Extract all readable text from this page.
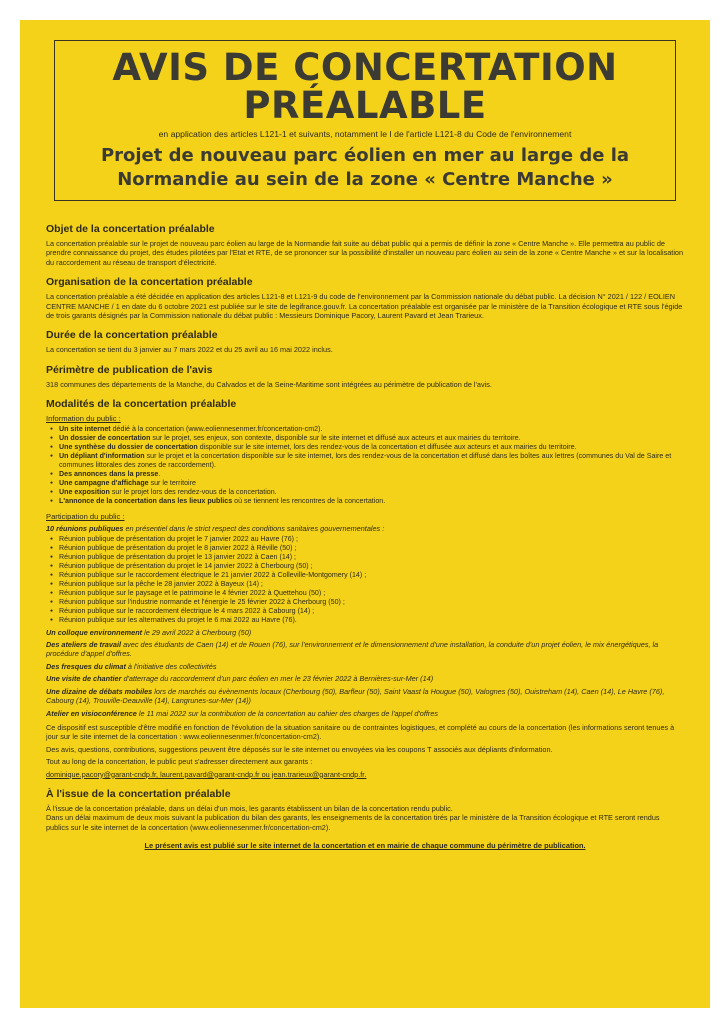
AVIS DE CONCERTATION
PRÉALABLE
en application des articles L121-1 et suivants, notamment le I de l'article L121-8 du Code de l'environnement
Projet de nouveau parc éolien en mer au large de la
Normandie au sein de la zone « Centre Manche »
Objet de la concertation préalable

La concertation préalable sur le projet de nouveau parc éolien au large de la Normandie fait suite au débat public qui a permis de définir la zone « Centre Manche ». Elle permettra au public de prendre connaissance du projet, des études pilotées par l'Etat et RTE, de se prononcer sur la possibilité d'installer un nouveau parc éolien au sein de la zone « Centre Manche » et sur la localisation du raccordement au réseau de transport d'électricité.

Organisation de la concertation préalable

La concertation préalable a été décidée en application des articles L121-8 et L121-9 du code de l'environnement par la Commission nationale du débat public. La décision N° 2021 / 122 / EOLIEN CENTRE MANCHE / 1 en date du 6 octobre 2021 est publiée sur le site de legifrance.gouv.fr. La concertation préalable est organisée par le ministère de la Transition écologique et RTE sous l'égide de trois garants désignés par la Commission nationale du débat public : Messieurs Dominique Pacory, Laurent Pavard et Jean Trarieux.

Durée de la concertation préalable

La concertation se tient du 3 janvier au 7 mars 2022 et du 25 avril au 16 mai 2022 inclus.

Périmètre de publication de l'avis

318 communes des départements de la Manche, du Calvados et de la Seine-Maritime sont intégrées au périmètre de publication de l'avis.

Modalités de la concertation préalable
Information du public :
● Un site internet dédié à la concertation (www.eoliennesenmer.fr/concertation-cm2).
● Un dossier de concertation sur le projet, ses enjeux, son contexte, disponible sur le site internet et diffusé aux acteurs et aux mairies du territoire.
● Une synthèse du dossier de concertation disponible sur le site internet, lors des rendez-vous de la concertation et diffusée aux acteurs et aux mairies du territoire.
● Un dépliant d'information sur le projet et la concertation disponible sur le site internet, lors des rendez-vous de la concertation et diffusé dans les boîtes aux lettres (communes du Val de Saire et communes littorales des zones de raccordement).
● Des annonces dans la presse.
● Une campagne d'affichage sur le territoire
● Une exposition sur le projet lors des rendez-vous de la concertation.
● L'annonce de la concertation dans les lieux publics où se tiennent les rencontres de la concertation.
Participation du public :

10 réunions publiques en présentiel dans le strict respect des conditions sanitaires gouvernementales :

● Réunion publique de présentation du projet le 7 janvier 2022 au Havre (76) ;
● Réunion publique de présentation du projet le 8 janvier 2022 à Réville (50) ;
● Réunion publique de présentation du projet le 13 janvier 2022 à Caen (14) ;
● Réunion publique de présentation du projet le 14 janvier 2022 à Cherbourg (50) ;
● Réunion publique sur le raccordement électrique le 21 janvier 2022 à Colleville-Montgomery (14) ;
● Réunion publique sur la pêche le 28 janvier 2022 à Bayeux (14) ;
● Réunion publique sur le paysage et le patrimoine le 4 février 2022 à Quettehou (50) ;
● Réunion publique sur l'industrie normande et l'énergie le 25 février 2022 à Cherbourg (50) ;
● Réunion publique sur le raccordement électrique le 4 mars 2022 à Cabourg (14) ;
● Réunion publique sur les alternatives du projet le 6 mai 2022 au Havre (76).

Un colloque environnement le 29 avril 2022 à Cherbourg (50)

Des ateliers de travail avec des étudiants de Caen (14) et de Rouen (76), sur l'environnement et le dimensionnement d'une installation, la conduite d'un projet éolien, le mix énergétiques, la procédure d'appel d'offres.

Des fresques du climat à l'initiative des collectivités

Une visite de chantier d'atterrage du raccordement d'un parc éolien en mer le 23 février 2022 à Bernières-sur-Mer (14)

Une dizaine de débats mobiles lors de marchés ou évènements locaux (Cherbourg (50), Barfleur (50), Saint Vaast la Hougue (50), Valognes (50), Ouistreham (14), Caen (14), Le Havre (76), Cabourg (14), Trouville-Deauville (14), Langrunes-sur-Mer (14))

Atelier en visioconférence le 11 mai 2022 sur la contribution de la concertation au cahier des charges de l'appel d'offres

Ce dispositif est susceptible d'être modifié en fonction de l'évolution de la situation sanitaire ou de contraintes logistiques, et complété au cours de la concertation (les informations seront tenues à jour sur le site internet de la concertation : www.eoliennesenmer.fr/concertation-cm2).

Des avis, questions, contributions, suggestions peuvent être déposés sur le site internet ou envoyées via les coupons T associés aux dépliants d'information.

Tout au long de la concertation, le public peut s'adresser directement aux garants :

dominique.pacory@garant-cndp.fr, laurent.pavard@garant-cndp.fr ou jean.trarieux@garant-cndp.fr.

À l'issue de la concertation préalable

À l'issue de la concertation préalable, dans un délai d'un mois, les garants établissent un bilan de la concertation rendu public.

Dans un délai maximum de deux mois suivant la publication du bilan des garants, les enseignements de la concertation tirés par le ministère de la Transition écologique et RTE seront rendus publics sur le site internet de la concertation (www.eoliennesenmer.fr/concertation-cm2).

Le présent avis est publié sur le site internet de la concertation et en mairie de chaque commune du périmètre de publication.
